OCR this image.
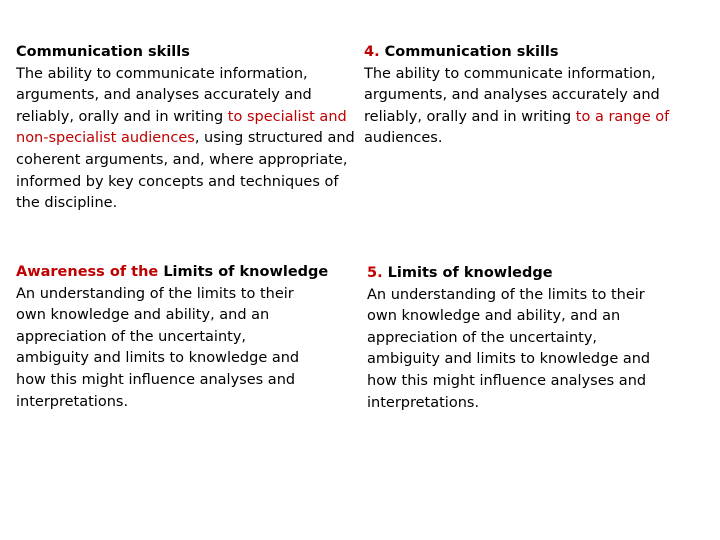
Communication skills
The ability to communicate information,
arguments, and analyses accurately and
reliably, orally and in writing to specialist and
non-specialist audiences, using structured and
coherent arguments, and, where appropriate,
informed by key concepts and techniques of
the discipline.
4. Communication skills
The ability to communicate information,
arguments, and analyses accurately and
reliably, orally and in writing to a range of
audiences.
Awareness of the Limits of knowledge
An understanding of the limits to their
own knowledge and ability, and an
appreciation of the uncertainty,
ambiguity and limits to knowledge and
how this might influence analyses and
interpretations.
5. Limits of knowledge
An understanding of the limits to their
own knowledge and ability, and an
appreciation of the uncertainty,
ambiguity and limits to knowledge and
how this might influence analyses and
interpretations.
